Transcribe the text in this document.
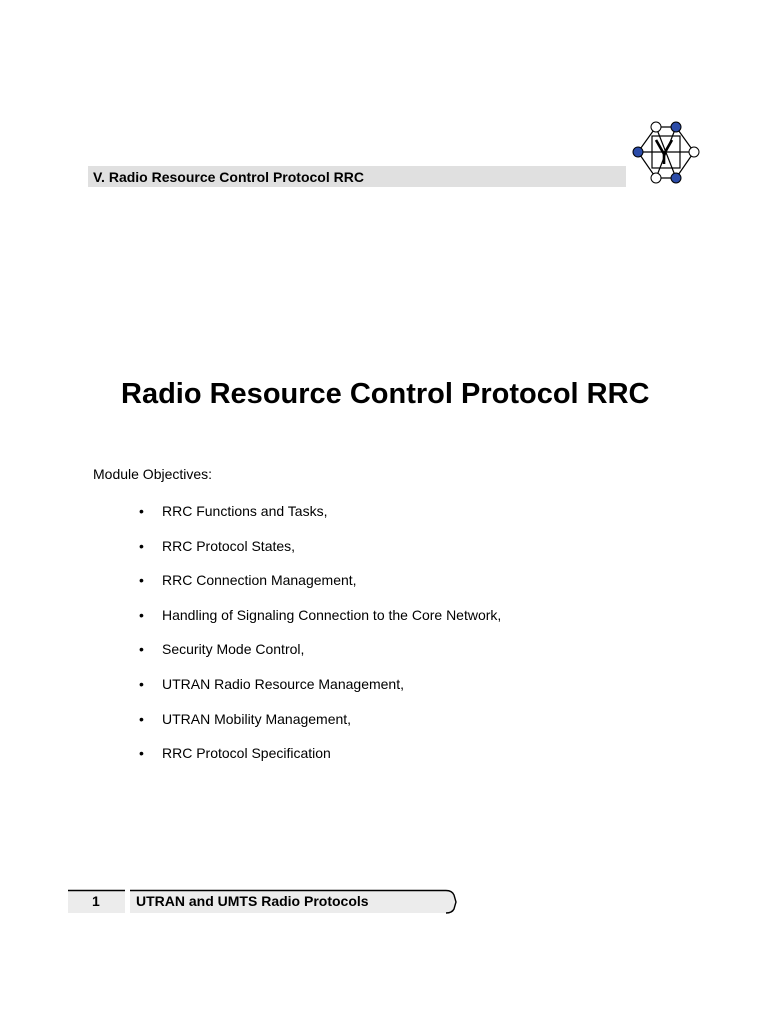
V. Radio Resource Control Protocol RRC
Radio Resource Control Protocol RRC
Module Objectives:
• RRC Functions and Tasks,
• RRC Protocol States,
• RRC Connection Management,
• Handling of Signaling Connection to the Core Network,
• Security Mode Control,
• UTRAN Radio Resource Management,
• UTRAN Mobility Management,
• RRC Protocol Specification
1	UTRAN and UMTS Radio Protocols
